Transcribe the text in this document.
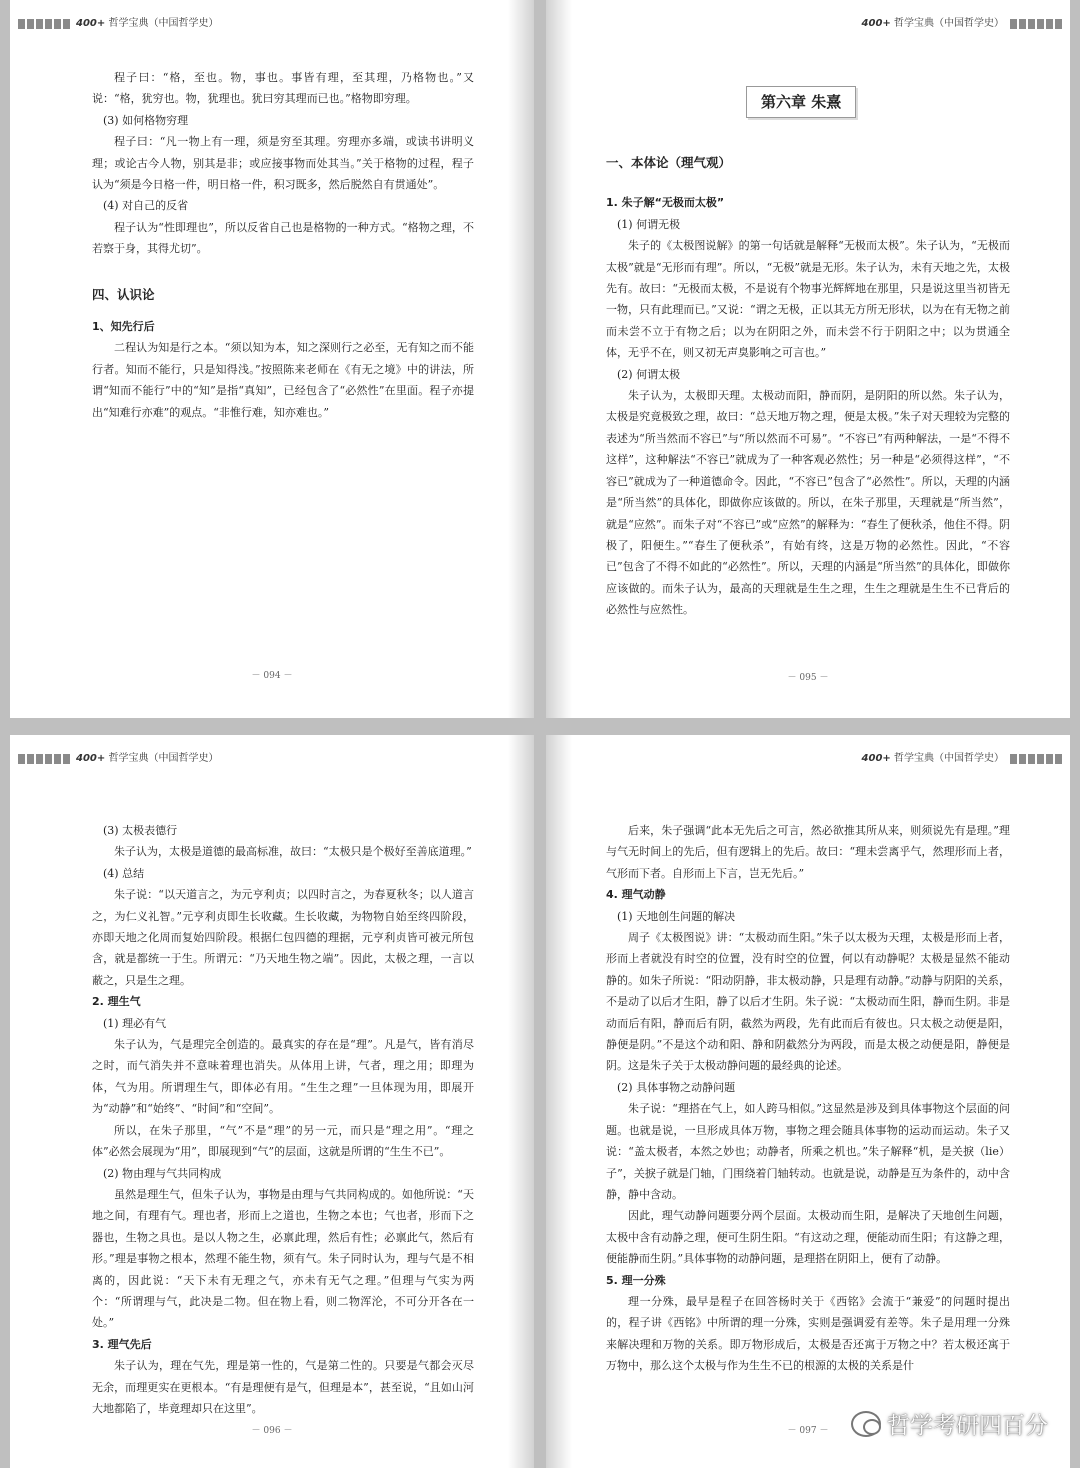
400+ 哲学宝典（中国哲学史）

程子曰：“格，至也。物，事也。事皆有理，至其理，乃格物也。”又说：“格，犹穷也。物，犹理也。犹曰穷其理而已也。”格物即穷理。

(3) 如何格物穷理

程子曰：“凡一物上有一理，须是穷至其理。穷理亦多端，或读书讲明义理；或论古今人物，别其是非；或应接事物而处其当。”关于格物的过程，程子认为“须是今日格一件，明日格一件，积习既多，然后脱然自有贯通处”。

(4) 对自己的反省

程子认为“性即理也”，所以反省自己也是格物的一种方式。“格物之理，不若察于身，其得尤切”。

四、认识论

1、知先行后

二程认为知是行之本。“须以知为本，知之深则行之必至，无有知之而不能行者。知而不能行，只是知得浅。”按照陈来老师在《有无之境》中的讲法，所谓“知而不能行”中的“知”是指“真知”，已经包含了“必然性”在里面。程子亦提出“知难行亦难”的观点。“非惟行难，知亦难也。”

－ 094 －
400+ 哲学宝典（中国哲学史）
第六章 朱熹

一、本体论（理气观）

1. 朱子解“无极而太极”

(1) 何谓无极

朱子的《太极图说解》的第一句话就是解释“无极而太极”。朱子认为，“无极而太极”就是“无形而有理”。所以，“无极”就是无形。朱子认为，未有天地之先，太极先有。故曰：“无极而太极，不是说有个物事光辉辉地在那里，只是说这里当初皆无一物，只有此理而已。”又说：“谓之无极，正以其无方所无形状，以为在有无物之前而未尝不立于有物之后；以为在阴阳之外，而未尝不行于阴阳之中；以为贯通全体，无乎不在，则又初无声臭影响之可言也。”

(2) 何谓太极

朱子认为，太极即天理。太极动而阳，静而阴，是阴阳的所以然。朱子认为，太极是究竟极致之理，故曰：“总天地万物之理，便是太极。”朱子对天理较为完整的表述为“所当然而不容已”与“所以然而不可易”。“不容已”有两种解法，一是“不得不这样”，这种解法“不容已”就成为了一种客观必然性；另一种是“必须得这样”，“不容已”就成为了一种道德命令。因此，“不容已”包含了“必然性”。所以，天理的内涵是“所当然”的具体化，即做你应该做的。所以，在朱子那里，天理就是“所当然”，就是“应然”。而朱子对“不容已”或“应然”的解释为：“春生了便秋杀，他住不得。阴极了，阳便生。”“春生了便秋杀”，有始有终，这是万物的必然性。因此，“不容已”包含了不得不如此的“必然性”。所以，天理的内涵是“所当然”的具体化，即做你应该做的。而朱子认为，最高的天理就是生生之理，生生之理就是生生不已背后的必然性与应然性。

－ 095 －
400+ 哲学宝典（中国哲学史）

(3) 太极表德行

朱子认为，太极是道德的最高标准，故曰：“太极只是个极好至善底道理。”

(4) 总结

朱子说：“以天道言之，为元亨利贞；以四时言之，为春夏秋冬；以人道言之，为仁义礼智。”元亨利贞即生长收藏。生长收藏，为物物自始至终四阶段，亦即天地之化周而复始四阶段。根据仁包四德的理据，元亨利贞皆可被元所包含，就是都统一于生。所谓元：“乃天地生物之端”。因此，太极之理，一言以蔽之，只是生之理。

2. 理生气

(1) 理必有气

朱子认为，气是理完全创造的。最真实的存在是“理”。凡是气，皆有消尽之时，而气消失并不意味着理也消失。从体用上讲，气者，理之用；即理为体，气为用。所谓理生气，即体必有用。“生生之理”一旦体现为用，即展开为“动静”和“始终”、“时间”和“空间”。

所以，在朱子那里，“气”不是“理”的另一元，而只是“理之用”。“理之体”必然会展现为“用”，即展现到“气”的层面，这就是所谓的“生生不已”。

(2) 物由理与气共同构成

虽然是理生气，但朱子认为，事物是由理与气共同构成的。如他所说：“天地之间，有理有气。理也者，形而上之道也，生物之本也；气也者，形而下之器也，生物之具也。是以人物之生，必禀此理，然后有性；必禀此气，然后有形。”理是事物之根本，然理不能生物，须有气。朱子同时认为，理与气是不相离的，因此说：“天下未有无理之气，亦未有无气之理。”但理与气实为两个：“所谓理与气，此决是二物。但在物上看，则二物浑沦，不可分开各在一处。”

3. 理气先后

朱子认为，理在气先，理是第一性的，气是第二性的。只要是气都会灭尽无余，而理更实在更根本。“有是理便有是气，但理是本”，甚至说，“且如山河大地都陷了，毕竟理却只在这里”。

－ 096 －
400+ 哲学宝典（中国哲学史）

后来，朱子强调“此本无先后之可言，然必欲推其所从来，则须说先有是理。”理与气无时间上的先后，但有逻辑上的先后。故曰：“理未尝离乎气，然理形而上者，气形而下者。自形而上下言，岂无先后。”

4. 理气动静

(1) 天地创生问题的解决

周子《太极图说》讲：“太极动而生阳。”朱子以太极为天理，太极是形而上者，形而上者就没有时空的位置，没有时空的位置，何以有动静呢？太极是显然不能动静的。如朱子所说：“阳动阴静，非太极动静，只是理有动静。”动静与阴阳的关系，不是动了以后才生阳，静了以后才生阴。朱子说：“太极动而生阳，静而生阴。非是动而后有阳，静而后有阴，截然为两段，先有此而后有彼也。只太极之动便是阳，静便是阴。”不是这个动和阳、静和阴截然分为两段，而是太极之动便是阳，静便是阴。这是朱子关于太极动静问题的最经典的论述。

(2) 具体事物之动静问题

朱子说：“理搭在气上，如人跨马相似。”这显然是涉及到具体事物这个层面的问题。也就是说，一旦形成具体万物，事物之理会随具体事物的运动而运动。朱子又说：“盖太极者，本然之妙也；动静者，所乘之机也。”朱子解释“机，是关捩（lie）子”，关捩子就是门轴，门围绕着门轴转动。也就是说，动静是互为条件的，动中含静，静中含动。

因此，理气动静问题要分两个层面。太极动而生阳，是解决了天地创生问题，太极中含有动静之理，便可生阴生阳。“有这动之理，便能动而生阳；有这静之理，便能静而生阴。”具体事物的动静问题，是理搭在阴阳上，便有了动静。

5. 理一分殊

理一分殊，最早是程子在回答杨时关于《西铭》会流于“兼爱”的问题时提出的，程子讲《西铭》中所谓的理一分殊，实则是强调爱有差等。朱子是用理一分殊来解决理和万物的关系。即万物形成后，太极是否还寓于万物之中？若太极还寓于万物中，那么这个太极与作为生生不已的根源的太极的关系是什

－ 097 －	哲学考研四百分
